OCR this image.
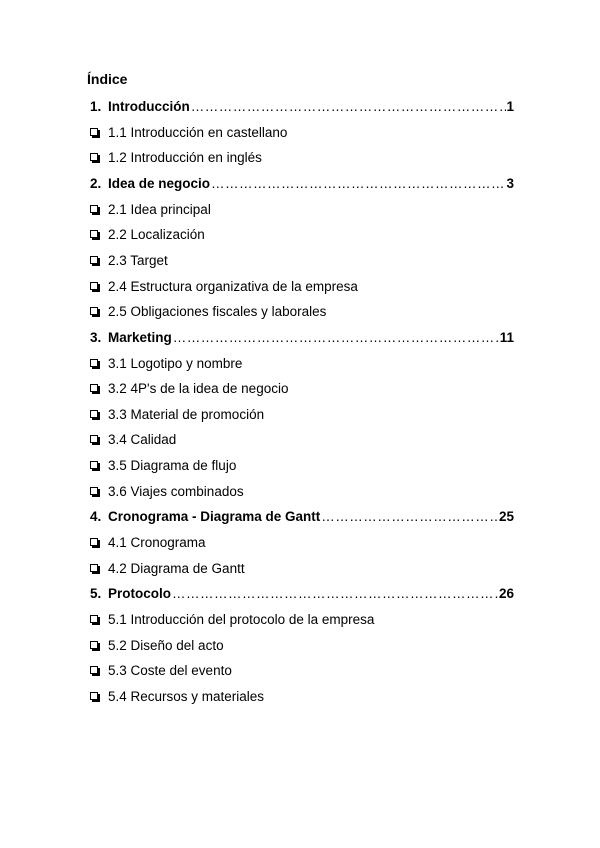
Índice
1. Introducción …………………………………………………………………………………………………………………………	1
1.1 Introducción en castellano
1.2 Introducción en inglés
2. Idea de negocio …………………………………………………………………………………………………………………………	3
2.1 Idea principal
2.2 Localización
2.3 Target
2.4 Estructura organizativa de la empresa
2.5 Obligaciones fiscales y laborales
3. Marketing …………………………………………………………………………………………………………………………	11
3.1 Logotipo y nombre
3.2 4P's de la idea de negocio
3.3 Material de promoción
3.4 Calidad
3.5 Diagrama de flujo
3.6 Viajes combinados
4. Cronograma - Diagrama de Gantt …………………………………………………………………………………………………………………………	25
4.1 Cronograma
4.2 Diagrama de Gantt
5. Protocolo …………………………………………………………………………………………………………………………	26
5.1 Introducción del protocolo de la empresa
5.2 Diseño del acto
5.3 Coste del evento
5.4 Recursos y materiales
